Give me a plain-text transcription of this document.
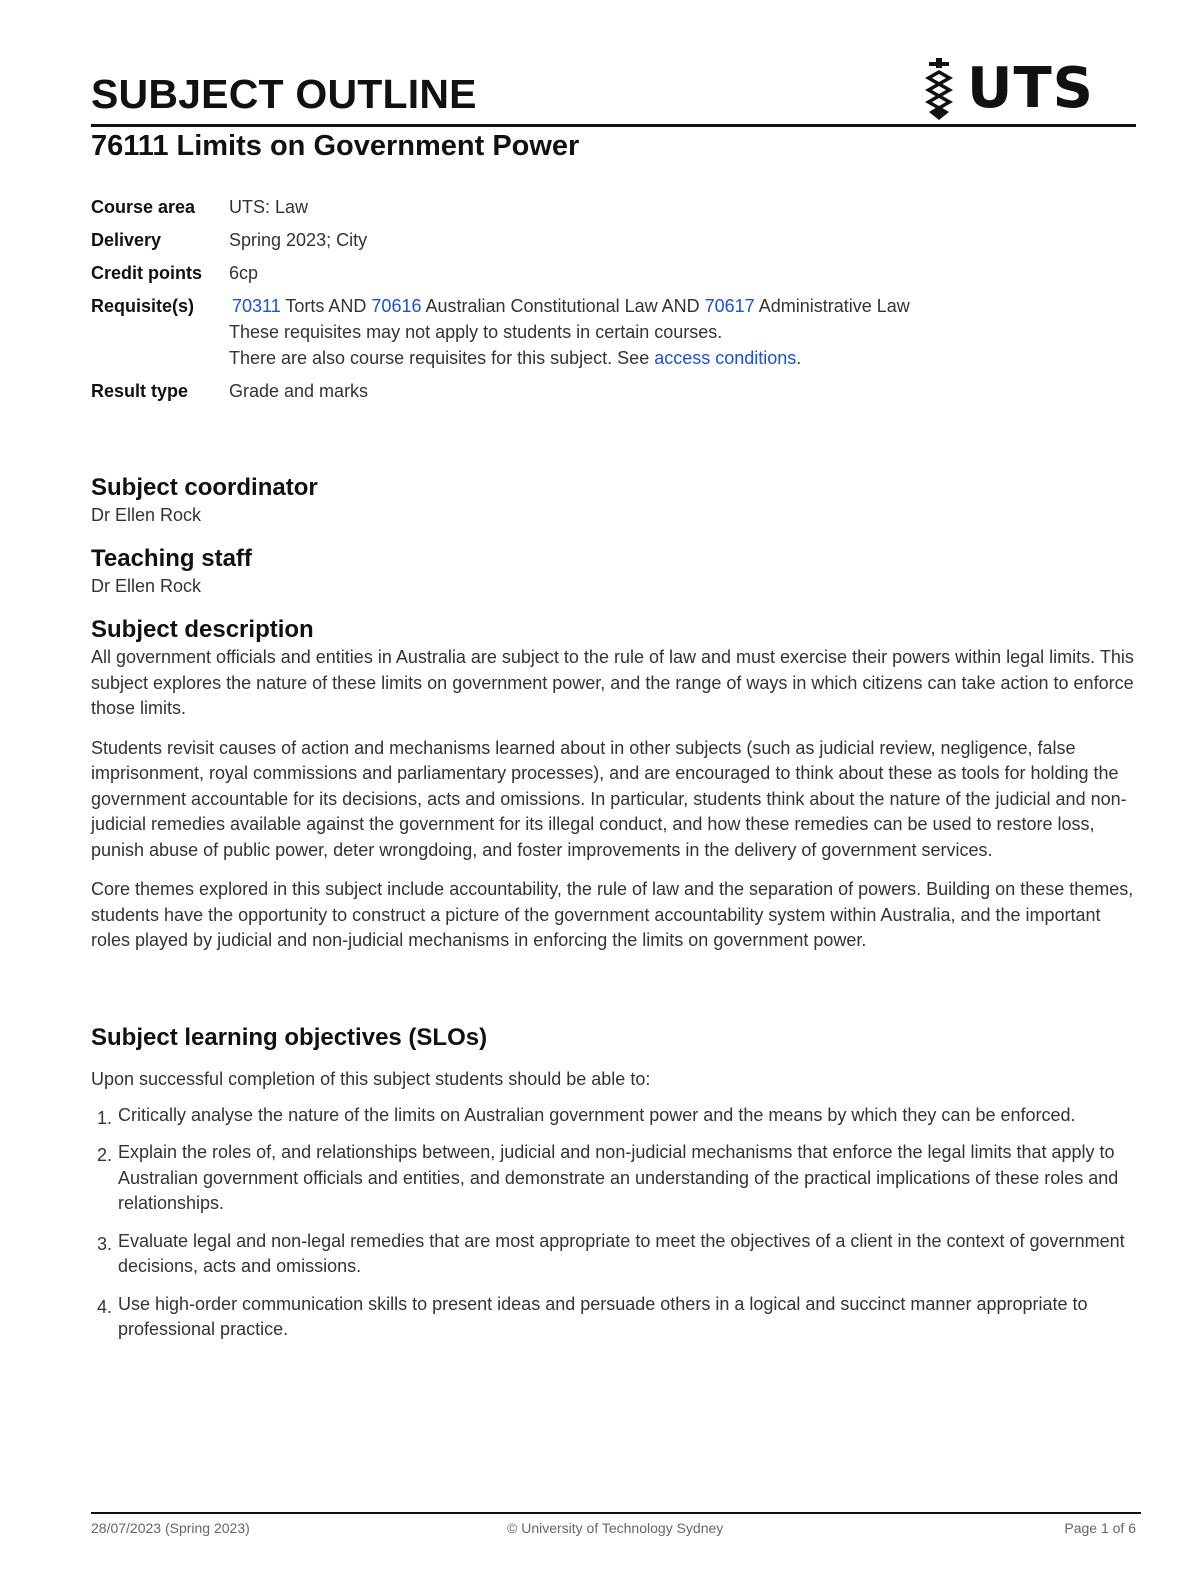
SUBJECT OUTLINE	UTS
76111 Limits on Government Power
Course area	UTS: Law
Delivery	Spring 2023; City
Credit points	6cp
Requisite(s)	70311 Torts AND 70616 Australian Constitutional Law AND 70617 Administrative Law
These requisites may not apply to students in certain courses.
There are also course requisites for this subject. See access conditions.

Result type	Grade and marks
Subject coordinator

Dr Ellen Rock

Teaching staff

Dr Ellen Rock

Subject description

All government officials and entities in Australia are subject to the rule of law and must exercise their powers within legal limits. This subject explores the nature of these limits on government power, and the range of ways in which citizens can take action to enforce those limits.

Students revisit causes of action and mechanisms learned about in other subjects (such as judicial review, negligence, false imprisonment, royal commissions and parliamentary processes), and are encouraged to think about these as tools for holding the government accountable for its decisions, acts and omissions. In particular, students think about the nature of the judicial and non-judicial remedies available against the government for its illegal conduct, and how these remedies can be used to restore loss, punish abuse of public power, deter wrongdoing, and foster improvements in the delivery of government services.

Core themes explored in this subject include accountability, the rule of law and the separation of powers. Building on these themes, students have the opportunity to construct a picture of the government accountability system within Australia, and the important roles played by judicial and non-judicial mechanisms in enforcing the limits on government power.

Subject learning objectives (SLOs)

Upon successful completion of this subject students should be able to:

1. Critically analyse the nature of the limits on Australian government power and the means by which they can be enforced.
2. Explain the roles of, and relationships between, judicial and non-judicial mechanisms that enforce the legal limits that apply to Australian government officials and entities, and demonstrate an understanding of the practical implications of these roles and relationships.
3. Evaluate legal and non-legal remedies that are most appropriate to meet the objectives of a client in the context of government decisions, acts and omissions.
4. Use high-order communication skills to present ideas and persuade others in a logical and succinct manner appropriate to professional practice.
28/07/2023 (Spring 2023)	© University of Technology Sydney	Page 1 of 6
